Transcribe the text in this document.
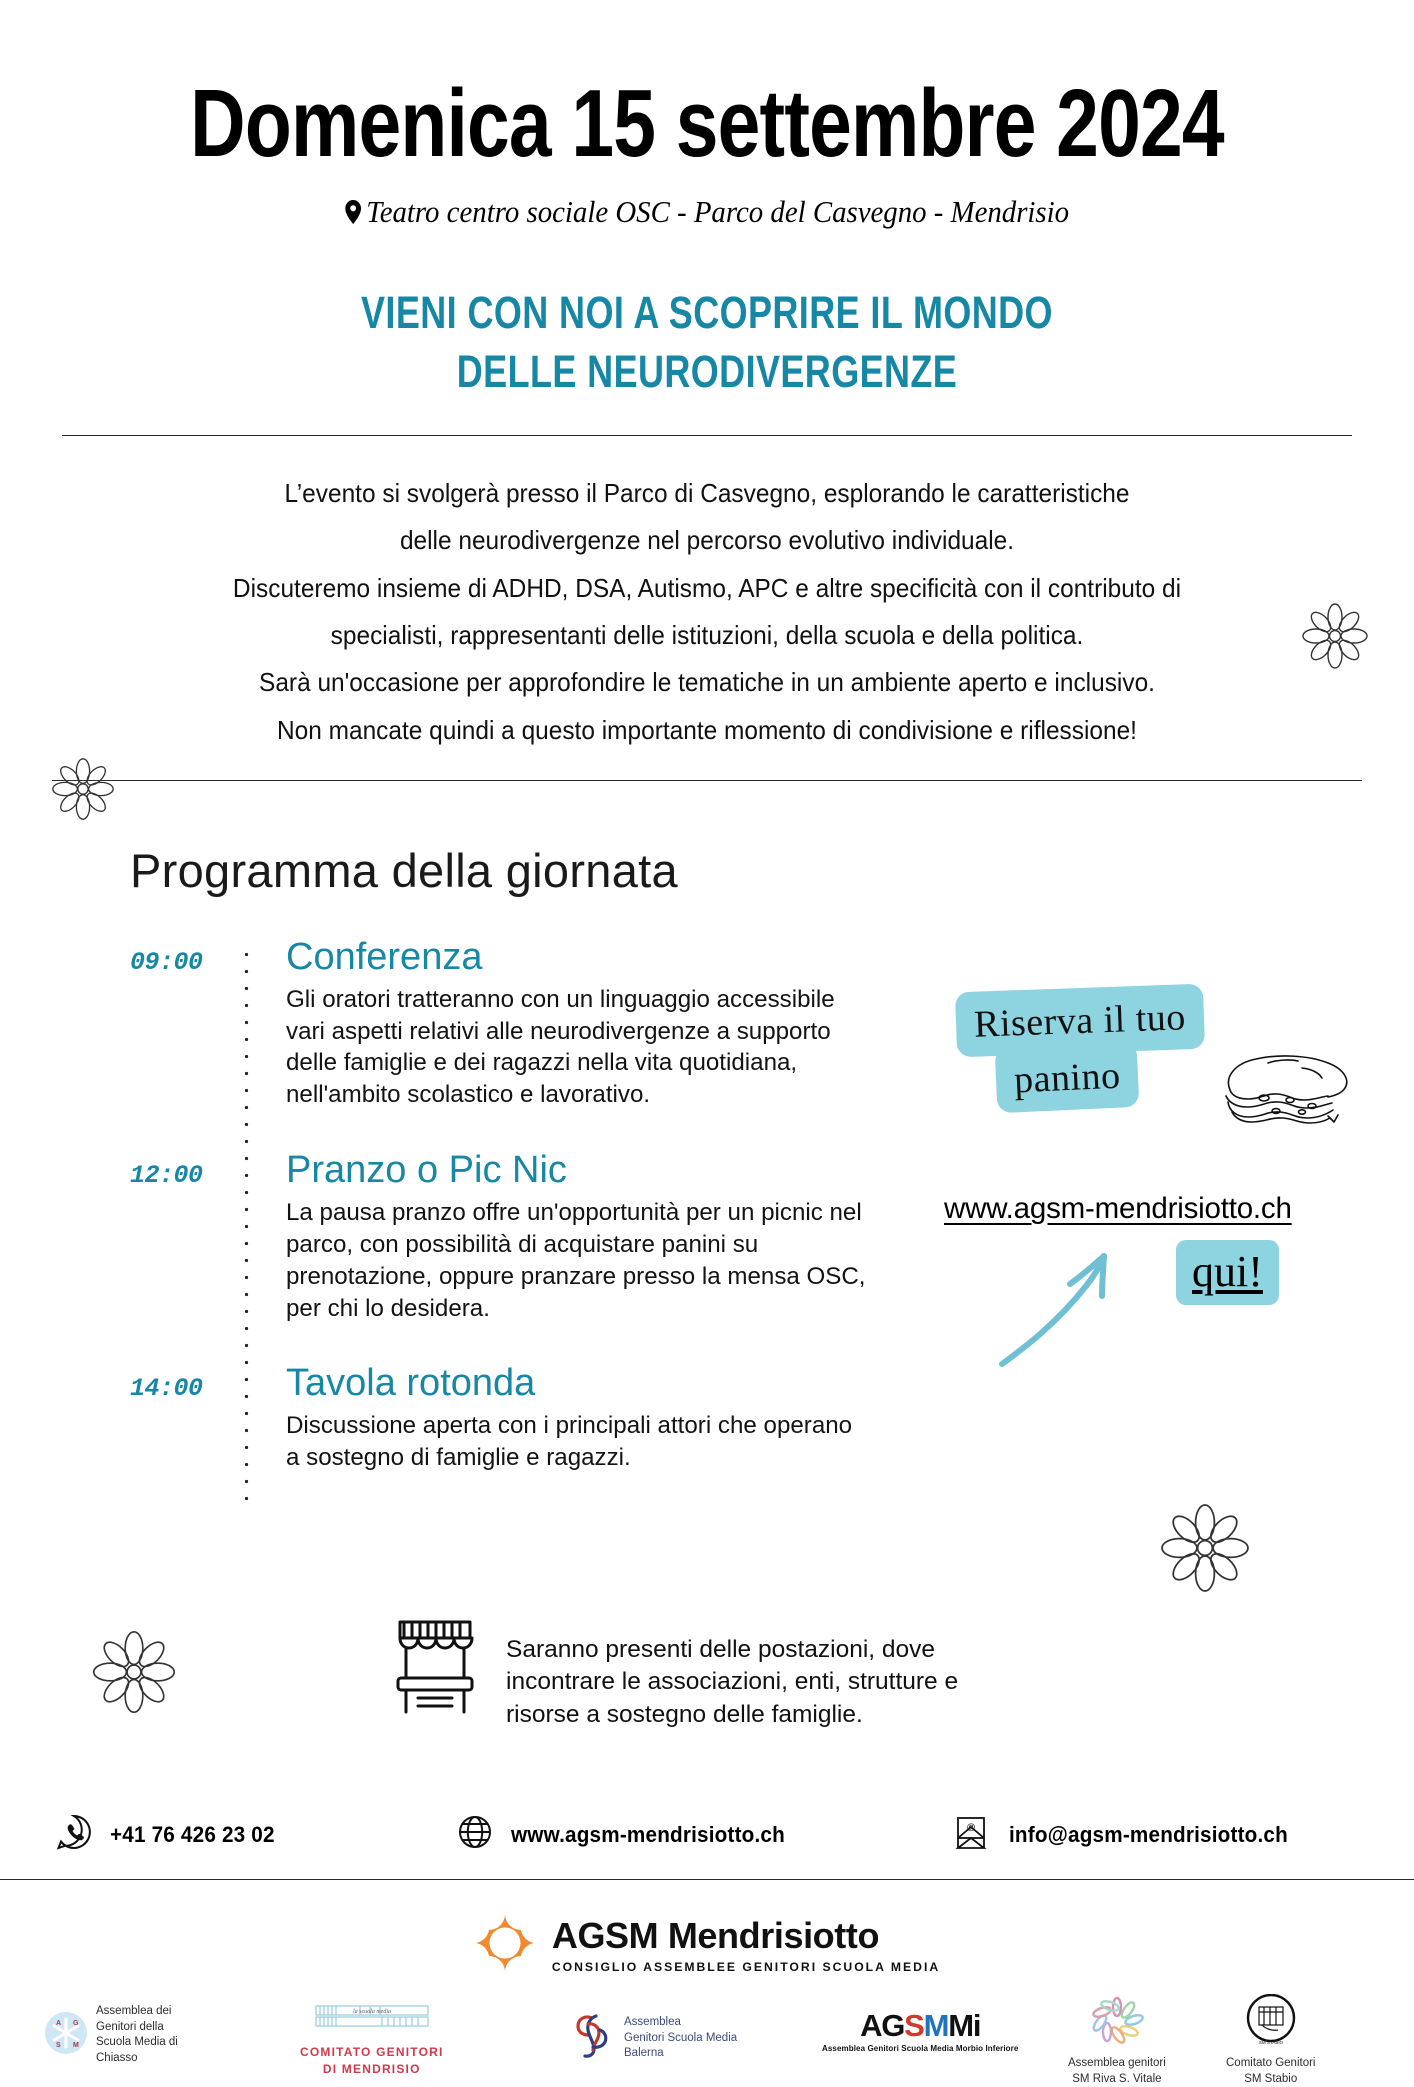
Domenica 15 settembre 2024
Teatro centro sociale OSC - Parco del Casvegno - Mendrisio
VIENI CON NOI A SCOPRIRE IL MONDO
DELLE NEURODIVERGENZE
L’evento si svolgerà presso il Parco di Casvegno, esplorando le caratteristiche
delle neurodivergenze nel percorso evolutivo individuale.
Discuteremo insieme di ADHD, DSA, Autismo, APC e altre specificità con il contributo di
specialisti, rappresentanti delle istituzioni, della scuola e della politica.
Sarà un'occasione per approfondire le tematiche in un ambiente aperto e inclusivo.
Non mancate quindi a questo importante momento di condivisione e riflessione!
Programma della giornata
09:00	Conferenza
Gli oratori tratteranno con un linguaggio accessibile
vari aspetti relativi alle neurodivergenze a supporto
delle famiglie e dei ragazzi nella vita quotidiana,
nell'ambito scolastico e lavorativo.
12:00	Pranzo o Pic Nic
La pausa pranzo offre un'opportunità per un picnic nel
parco, con possibilità di acquistare panini su
prenotazione, oppure pranzare presso la mensa OSC,
per chi lo desidera.
14:00	Tavola rotonda
Discussione aperta con i principali attori che operano
a sostegno di famiglie e ragazzi.
Riserva il tuo panino
www.agsm-mendrisiotto.ch
qui!
Saranno presenti delle postazioni, dove
incontrare le associazioni, enti, strutture e
risorse a sostegno delle famiglie.
+41 76 426 23 02	www.agsm-mendrisiotto.ch	@ info@agsm-mendrisiotto.ch
AGSM Mendrisiotto
CONSIGLIO ASSEMBLEE GENITORI SCUOLA MEDIA
A G
S M
Assemblea dei
Genitori della
Scuola Media di
Chiasso
la scuola media
COMITATO GENITORI
DI MENDRISIO
Assemblea
Genitori Scuola Media
Balerna
AGSMMi
Assemblea Genitori Scuola Media Morbio Inferiore
Assemblea genitori
SM Riva S. Vitale
SM STABIO
Comitato Genitori
SM Stabio
